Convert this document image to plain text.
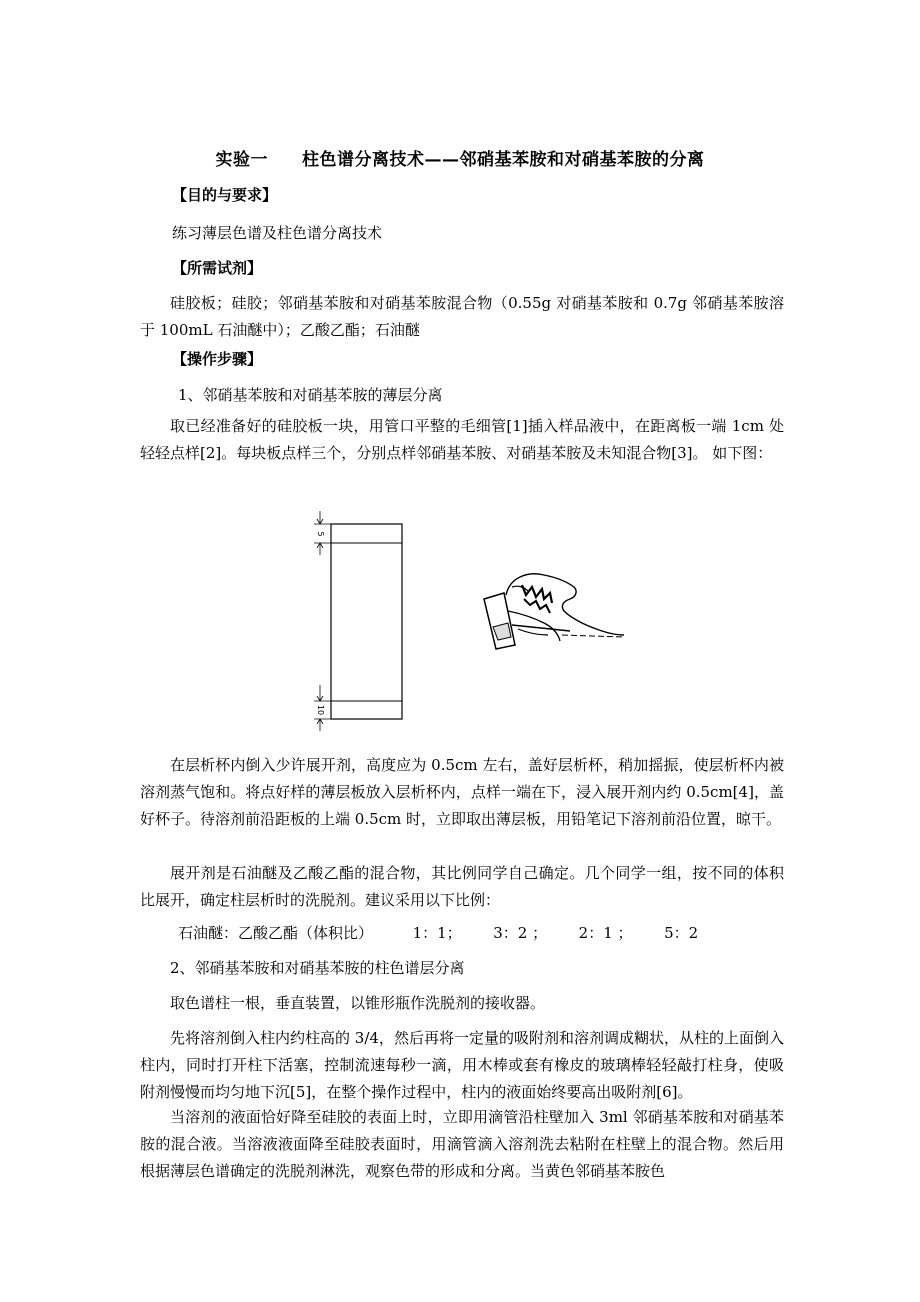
实验一 柱色谱分离技术——邻硝基苯胺和对硝基苯胺的分离
【目的与要求】
练习薄层色谱及柱色谱分离技术
【所需试剂】
硅胶板；硅胶；邻硝基苯胺和对硝基苯胺混合物（0.55g 对硝基苯胺和 0.7g 邻硝基苯胺溶于 100mL 石油醚中）；乙酸乙酯；石油醚
【操作步骤】
1、邻硝基苯胺和对硝基苯胺的薄层分离
取已经准备好的硅胶板一块，用管口平整的毛细管[1]插入样品液中，在距离板一端 1cm 处轻轻点样[2]。每块板点样三个，分别点样邻硝基苯胺、对硝基苯胺及未知混合物[3]。 如下图：
5
10
在层析杯内倒入少许展开剂，高度应为 0.5cm 左右，盖好层析杯，稍加摇振，使层析杯内被溶剂蒸气饱和。将点好样的薄层板放入层析杯内，点样一端在下，浸入展开剂内约 0.5cm[4]，盖好杯子。待溶剂前沿距板的上端 0.5cm 时，立即取出薄层板，用铅笔记下溶剂前沿位置，晾干。
展开剂是石油醚及乙酸乙酯的混合物，其比例同学自己确定。几个同学一组，按不同的体积比展开，确定柱层析时的洗脱剂。建议采用以下比例：
石油醚：乙酸乙酯（体积比）	1：1； 3：2 ； 2：1 ； 5：2
2、邻硝基苯胺和对硝基苯胺的柱色谱层分离
取色谱柱一根，垂直装置，以锥形瓶作洗脱剂的接收器。
先将溶剂倒入柱内约柱高的 3/4，然后再将一定量的吸附剂和溶剂调成糊状，从柱的上面倒入柱内，同时打开柱下活塞，控制流速每秒一滴，用木棒或套有橡皮的玻璃棒轻轻敲打柱身，使吸附剂慢慢而均匀地下沉[5]，在整个操作过程中，柱内的液面始终要高出吸附剂[6]。
当溶剂的液面恰好降至硅胶的表面上时，立即用滴管沿柱壁加入 3ml 邻硝基苯胺和对硝基苯胺的混合液。当溶液液面降至硅胶表面时，用滴管滴入溶剂洗去粘附在柱壁上的混合物。然后用根据薄层色谱确定的洗脱剂淋洗，观察色带的形成和分离。当黄色邻硝基苯胺色
